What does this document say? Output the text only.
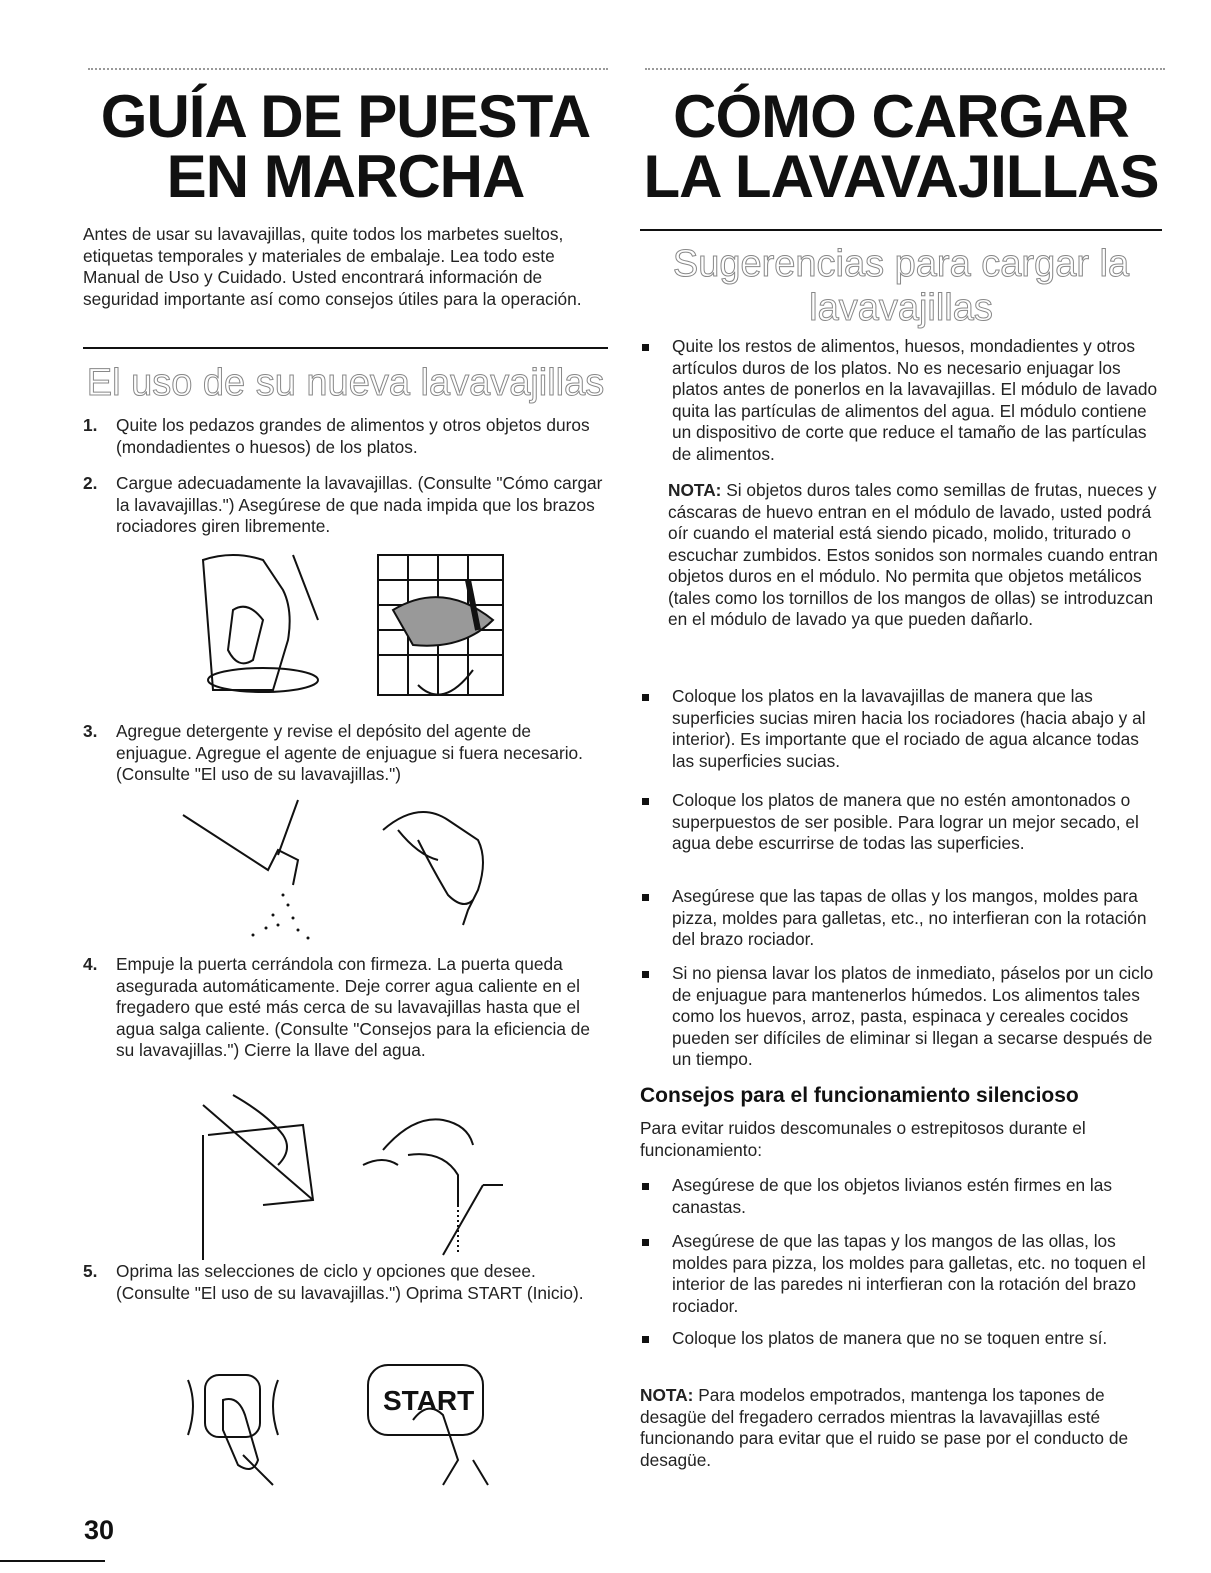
GUÍA DE PUESTA
EN MARCHA

Antes de usar su lavavajillas, quite todos los marbetes sueltos, etiquetas temporales y materiales de embalaje. Lea todo este Manual de Uso y Cuidado. Usted encontrará información de seguridad importante así como consejos útiles para la operación.

El uso de su nueva lavavajillas
1. Quite los pedazos grandes de alimentos y otros objetos duros (mondadientes o huesos) de los platos.

2. Cargue adecuadamente la lavavajillas. (Consulte "Cómo cargar la lavavajillas.") Asegúrese de que nada impida que los brazos rociadores giren libremente.

3. Agregue detergente y revise el depósito del agente de enjuague. Agregue el agente de enjuague si fuera necesario. (Consulte "El uso de su lavavajillas.")

4. Empuje la puerta cerrándola con firmeza. La puerta queda asegurada automáticamente. Deje correr agua caliente en el fregadero que esté más cerca de su lavavajillas hasta que el agua salga caliente. (Consulte "Consejos para la eficiencia de su lavavajillas.") Cierre la llave del agua.

5. Oprima las selecciones de ciclo y opciones que desee. (Consulte "El uso de su lavavajillas.") Oprima START (Inicio).

START
CÓMO CARGAR
LA LAVAVAJILLAS
Sugerencias para cargar la
lavavajillas

Quite los restos de alimentos, huesos, mondadientes y otros artículos duros de los platos. No es necesario enjuagar los platos antes de ponerlos en la lavavajillas. El módulo de lavado quita las partículas de alimentos del agua. El módulo contiene un dispositivo de corte que reduce el tamaño de las partículas de alimentos.

NOTA: Si objetos duros tales como semillas de frutas, nueces y cáscaras de huevo entran en el módulo de lavado, usted podrá oír cuando el material está siendo picado, molido, triturado o escuchar zumbidos. Estos sonidos son normales cuando entran objetos duros en el módulo. No permita que objetos metálicos (tales como los tornillos de los mangos de ollas) se introduzcan en el módulo de lavado ya que pueden dañarlo.

Coloque los platos en la lavavajillas de manera que las superficies sucias miren hacia los rociadores (hacia abajo y al interior). Es importante que el rociado de agua alcance todas las superficies sucias.

Coloque los platos de manera que no estén amontonados o superpuestos de ser posible. Para lograr un mejor secado, el agua debe escurrirse de todas las superficies.

Asegúrese que las tapas de ollas y los mangos, moldes para pizza, moldes para galletas, etc., no interfieran con la rotación del brazo rociador.

Si no piensa lavar los platos de inmediato, páselos por un ciclo de enjuague para mantenerlos húmedos. Los alimentos tales como los huevos, arroz, pasta, espinaca y cereales cocidos pueden ser difíciles de eliminar si llegan a secarse después de un tiempo.

Consejos para el funcionamiento silencioso

Para evitar ruidos descomunales o estrepitosos durante el funcionamiento:

Asegúrese de que los objetos livianos estén firmes en las canastas.

Asegúrese de que las tapas y los mangos de las ollas, los moldes para pizza, los moldes para galletas, etc. no toquen el interior de las paredes ni interfieran con la rotación del brazo rociador.

Coloque los platos de manera que no se toquen entre sí.

NOTA: Para modelos empotrados, mantenga los tapones de desagüe del fregadero cerrados mientras la lavavajillas esté funcionando para evitar que el ruido se pase por el conducto de desagüe.

30
